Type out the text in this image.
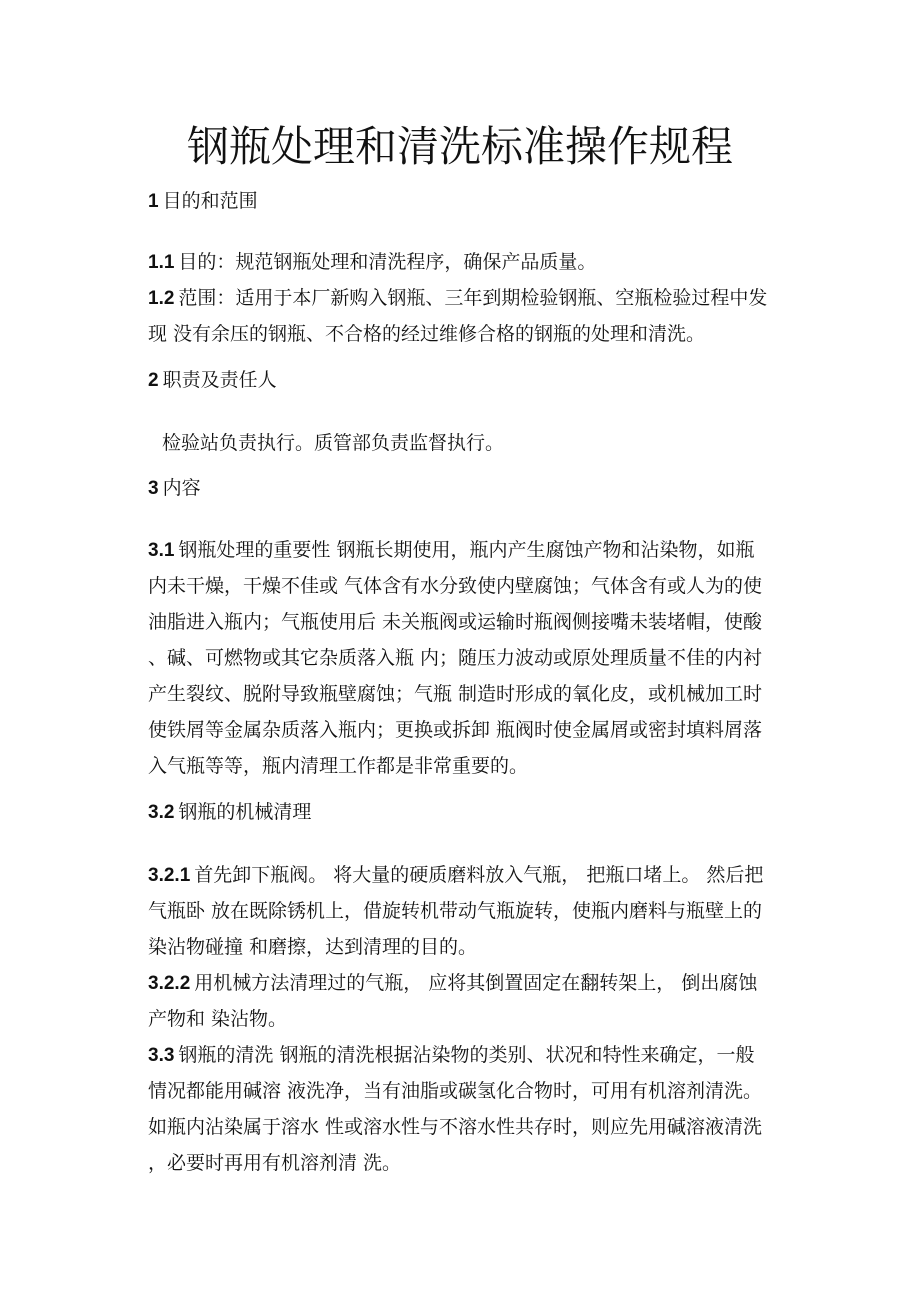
钢瓶处理和清洗标准操作规程
1 目的和范围
1.1 目的：规范钢瓶处理和清洗程序，确保产品质量。
1.2 范围：适用于本厂新购入钢瓶、三年到期检验钢瓶、空瓶检验过程中发
现 没有余压的钢瓶、不合格的经过维修合格的钢瓶的处理和清洗。
2 职责及责任人
检验站负责执行。质管部负责监督执行。
3 内容
3.1 钢瓶处理的重要性 钢瓶长期使用，瓶内产生腐蚀产物和沾染物，如瓶
内未干燥，干燥不佳或 气体含有水分致使内壁腐蚀；气体含有或人为的使
油脂进入瓶内；气瓶使用后 未关瓶阀或运输时瓶阀侧接嘴未装堵帽，使酸
、碱、可燃物或其它杂质落入瓶 内；随压力波动或原处理质量不佳的内衬
产生裂纹、脱附导致瓶壁腐蚀；气瓶 制造时形成的氧化皮，或机械加工时
使铁屑等金属杂质落入瓶内；更换或拆卸 瓶阀时使金属屑或密封填料屑落
入气瓶等等，瓶内清理工作都是非常重要的。
3.2 钢瓶的机械清理
3.2.1 首先卸下瓶阀。 将大量的硬质磨料放入气瓶， 把瓶口堵上。 然后把
气瓶卧 放在既除锈机上，借旋转机带动气瓶旋转，使瓶内磨料与瓶壁上的
染沾物碰撞 和磨擦，达到清理的目的。
3.2.2 用机械方法清理过的气瓶， 应将其倒置固定在翻转架上， 倒出腐蚀
产物和 染沾物。
3.3 钢瓶的清洗 钢瓶的清洗根据沾染物的类别、状况和特性来确定，一般
情况都能用碱溶 液洗净，当有油脂或碳氢化合物时，可用有机溶剂清洗。
如瓶内沾染属于溶水 性或溶水性与不溶水性共存时，则应先用碱溶液清洗
，必要时再用有机溶剂清 洗。
